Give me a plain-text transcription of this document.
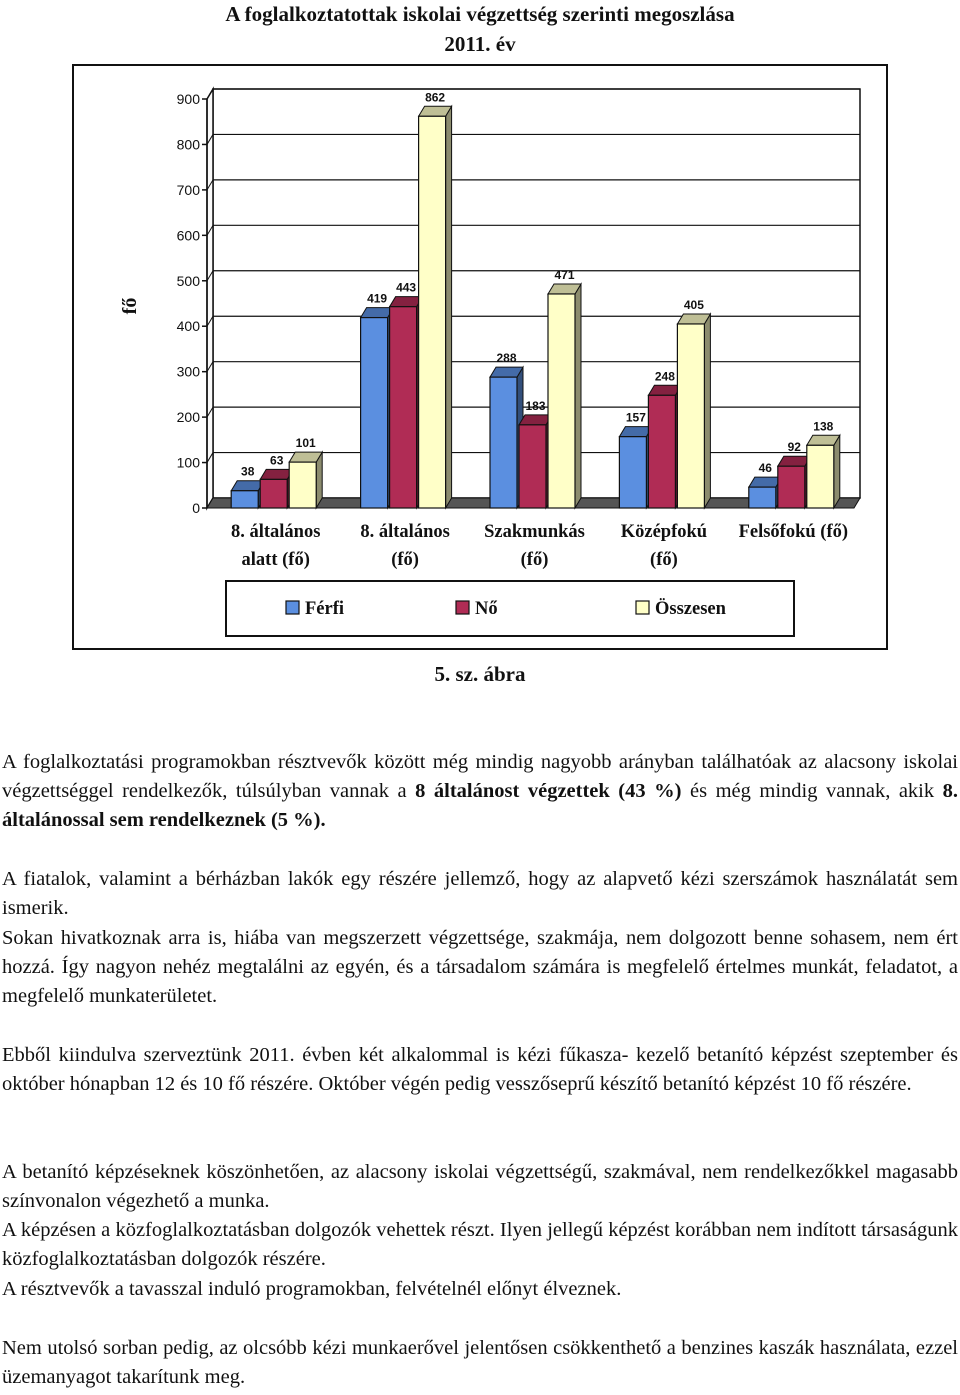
A foglalkoztatottak iskolai végzettség szerinti megoszlása
2011. év
0
100
200
300
400
500
600
700
800
900
fő
38
63
101
8. általános
alatt (fő)
419
443
862
8. általános
(fő)
288
183
471
Szakmunkás
(fő)
157
248
405
Középfokú
(fő)
46
92
138
Felsőfokú (fő)
Férfi	Nő	Összesen
5. sz. ábra

A foglalkoztatási programokban résztvevők között még mindig nagyobb arányban találhatóak az alacsony iskolai végzettséggel rendelkezők, túlsúlyban vannak a 8 általánost végzettek (43 %) és még mindig vannak, akik 8. általánossal sem rendelkeznek (5 %).

A fiatalok, valamint a bérházban lakók egy részére jellemző, hogy az alapvető kézi szerszámok használatát sem ismerik.

Sokan hivatkoznak arra is, hiába van megszerzett végzettsége, szakmája, nem dolgozott benne sohasem, nem ért hozzá. Így nagyon nehéz megtalálni az egyén, és a társadalom számára is megfelelő értelmes munkát, feladatot, a megfelelő munkaterületet.

Ebből kiindulva szerveztünk 2011. évben két alkalommal is kézi fűkasza- kezelő betanító képzést szeptember és október hónapban 12 és 10 fő részére. Október végén pedig vesszőseprű készítő betanító képzést 10 fő részére.

A betanító képzéseknek köszönhetően, az alacsony iskolai végzettségű, szakmával, nem rendelkezőkkel magasabb színvonalon végezhető a munka.

A képzésen a közfoglalkoztatásban dolgozók vehettek részt. Ilyen jellegű képzést korábban nem indított társaságunk közfoglalkoztatásban dolgozók részére.

A résztvevők a tavasszal induló programokban, felvételnél előnyt élveznek.

Nem utolsó sorban pedig, az olcsóbb kézi munkaerővel jelentősen csökkenthető a benzines kaszák használata, ezzel üzemanyagot takarítunk meg.
